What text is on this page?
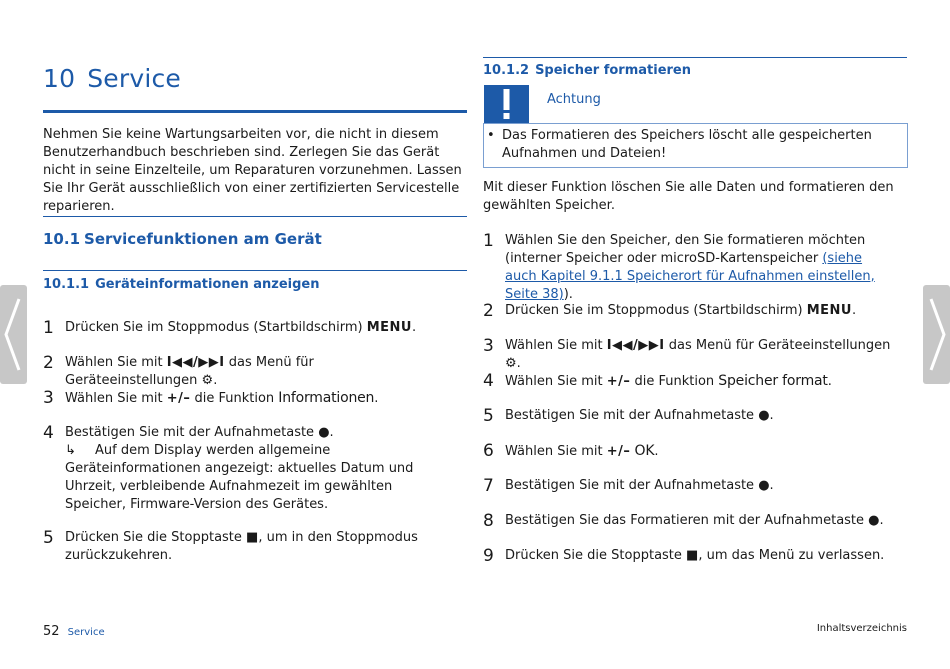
10 Service
Nehmen Sie keine Wartungsarbeiten vor, die nicht in diesem Benutzerhandbuch beschrieben sind. Zerlegen Sie das Gerät nicht in seine Einzelteile, um Reparaturen vorzunehmen. Lassen Sie Ihr Gerät ausschließlich von einer zertifizierten Servicestelle reparieren.
10.1 Servicefunktionen am Gerät
10.1.1 Geräteinformationen anzeigen
1 Drücken Sie im Stoppmodus (Startbildschirm) MENU.
2 Wählen Sie mit I◀◀/▶▶I das Menü für Geräteeinstellungen ⚙.
3 Wählen Sie mit +/– die Funktion Informationen.
4 Bestätigen Sie mit der Aufnahmetaste ●.
↳ Auf dem Display werden allgemeine Geräteinformationen angezeigt: aktuelles Datum und Uhrzeit, verbleibende Aufnahmezeit im gewählten Speicher, Firmware-Version des Gerätes.
5 Drücken Sie die Stopptaste ■, um in den Stoppmodus zurückzukehren.
10.1.2 Speicher formatieren
Achtung
• Das Formatieren des Speichers löscht alle gespeicherten Aufnahmen und Dateien!
Mit dieser Funktion löschen Sie alle Daten und formatieren den gewählten Speicher.
1 Wählen Sie den Speicher, den Sie formatieren möchten (interner Speicher oder microSD-Kartenspeicher (siehe auch Kapitel 9.1.1 Speicherort für Aufnahmen einstellen, Seite 38)).
2 Drücken Sie im Stoppmodus (Startbildschirm) MENU.
3 Wählen Sie mit I◀◀/▶▶I das Menü für Geräteeinstellungen ⚙.
4 Wählen Sie mit +/– die Funktion Speicher format.
5 Bestätigen Sie mit der Aufnahmetaste ●.
6 Wählen Sie mit +/– OK.
7 Bestätigen Sie mit der Aufnahmetaste ●.
8 Bestätigen Sie das Formatieren mit der Aufnahmetaste ●.
9 Drücken Sie die Stopptaste ■, um das Menü zu verlassen.
52 Service	Inhaltsverzeichnis
